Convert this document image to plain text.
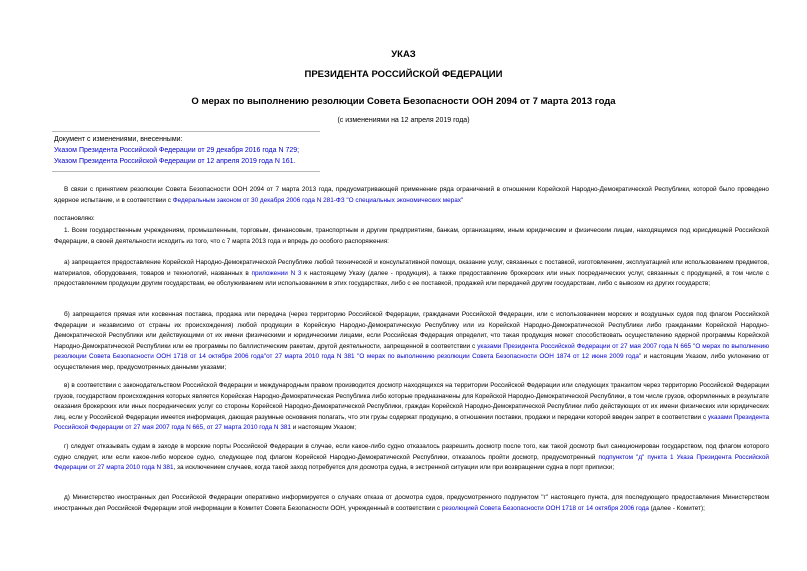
УКАЗ

ПРЕЗИДЕНТА РОССИЙСКОЙ ФЕДЕРАЦИИ

О мерах по выполнению резолюции Совета Безопасности ООН 2094 от 7 марта 2013 года

(с изменениями на 12 апреля 2019 года)

Документ с изменениями, внесенными:

Указом Президента Российской Федерации от 29 декабря 2016 года N 729;

Указом Президента Российской Федерации от 12 апреля 2019 года N 161.

В связи с принятием резолюции Совета Безопасности ООН 2094 от 7 марта 2013 года, предусматривающей применение ряда ограничений в отношении Корейской Народно-Демократической Республики, которой было проведено ядерное испытание, и в соответствии с Федеральным законом от 30 декабря 2006 года N 281-ФЗ "О специальных экономических мерах"

постановляю:

1. Всем государственным учреждениям, промышленным, торговым, финансовым, транспортным и другим предприятиям, банкам, организациям, иным юридическим и физическим лицам, находящимся под юрисдикцией Российской Федерации, в своей деятельности исходить из того, что с 7 марта 2013 года и впредь до особого распоряжения:

а) запрещается предоставление Корейской Народно-Демократической Республике любой технической и консультативной помощи, оказание услуг, связанных с поставкой, изготовлением, эксплуатацией или использованием предметов, материалов, оборудования, товаров и технологий, названных в приложении N 3 к настоящему Указу (далее - продукция), а также предоставление брокерских или иных посреднических услуг, связанных с продукцией, в том числе с предоставлением продукции другим государствам, ее обслуживанием или использованием в этих государствах, либо с ее поставкой, продажей или передачей другим государствам, либо с вывозом из других государств;

б) запрещается прямая или косвенная поставка, продажа или передача (через территорию Российской Федерации, гражданами Российской Федерации, или с использованием морских и воздушных судов под флагом Российской Федерации и независимо от страны их происхождения) любой продукции в Корейскую Народно-Демократическую Республику или из Корейской Народно-Демократической Республики либо гражданами Корейской Народно-Демократической Республики или действующими от их имени физическими и юридическими лицами, если Российская Федерация определит, что такая продукция может способствовать осуществлению ядерной программы Корейской Народно-Демократической Республики или ее программы по баллистическим ракетам, другой деятельности, запрещенной в соответствии с указами Президента Российской Федерации от 27 мая 2007 года N 665 "О мерах по выполнению резолюции Совета Безопасности ООН 1718 от 14 октября 2006 года"от 27 марта 2010 года N 381 "О мерах по выполнению резолюции Совета Безопасности ООН 1874 от 12 июня 2009 года" и настоящим Указом, либо уклонению от осуществления мер, предусмотренных данными указами;

в) в соответствии с законодательством Российской Федерации и международным правом производится досмотр находящихся на территории Российской Федерации или следующих транзитом через территорию Российской Федерации грузов, государством происхождения которых является Корейская Народно-Демократическая Республика либо которые предназначены для Корейской Народно-Демократической Республики, в том числе грузов, оформленных в результате оказания брокерских или иных посреднических услуг со стороны Корейской Народно-Демократической Республики, граждан Корейской Народно-Демократической Республики либо действующих от их имени физических или юридических лиц, если у Российской Федерации имеется информация, дающая разумные основания полагать, что эти грузы содержат продукцию, в отношении поставки, продажи и передачи которой введен запрет в соответствии с указами Президента Российской Федерации от 27 мая 2007 года N 665, от 27 марта 2010 года N 381 и настоящим Указом;

г) следует отказывать судам в заходе в морские порты Российской Федерации в случае, если какое-либо судно отказалось разрешить досмотр после того, как такой досмотр был санкционирован государством, под флагом которого судно следует, или если какое-либо морское судно, следующее под флагом Корейской Народно-Демократической Республики, отказалось пройти досмотр, предусмотренный подпунктом "д" пункта 1 Указа Президента Российской Федерации от 27 марта 2010 года N 381, за исключением случаев, когда такой заход потребуется для досмотра судна, в экстренной ситуации или при возвращении судна в порт приписки;

д) Министерство иностранных дел Российской Федерации оперативно информируется о случаях отказа от досмотра судов, предусмотренного подпунктом "г" настоящего пункта, для последующего предоставления Министерством иностранных дел Российской Федерации этой информации в Комитет Совета Безопасности ООН, учрежденный в соответствии с резолюцией Совета Безопасности ООН 1718 от 14 октября 2006 года (далее - Комитет);
